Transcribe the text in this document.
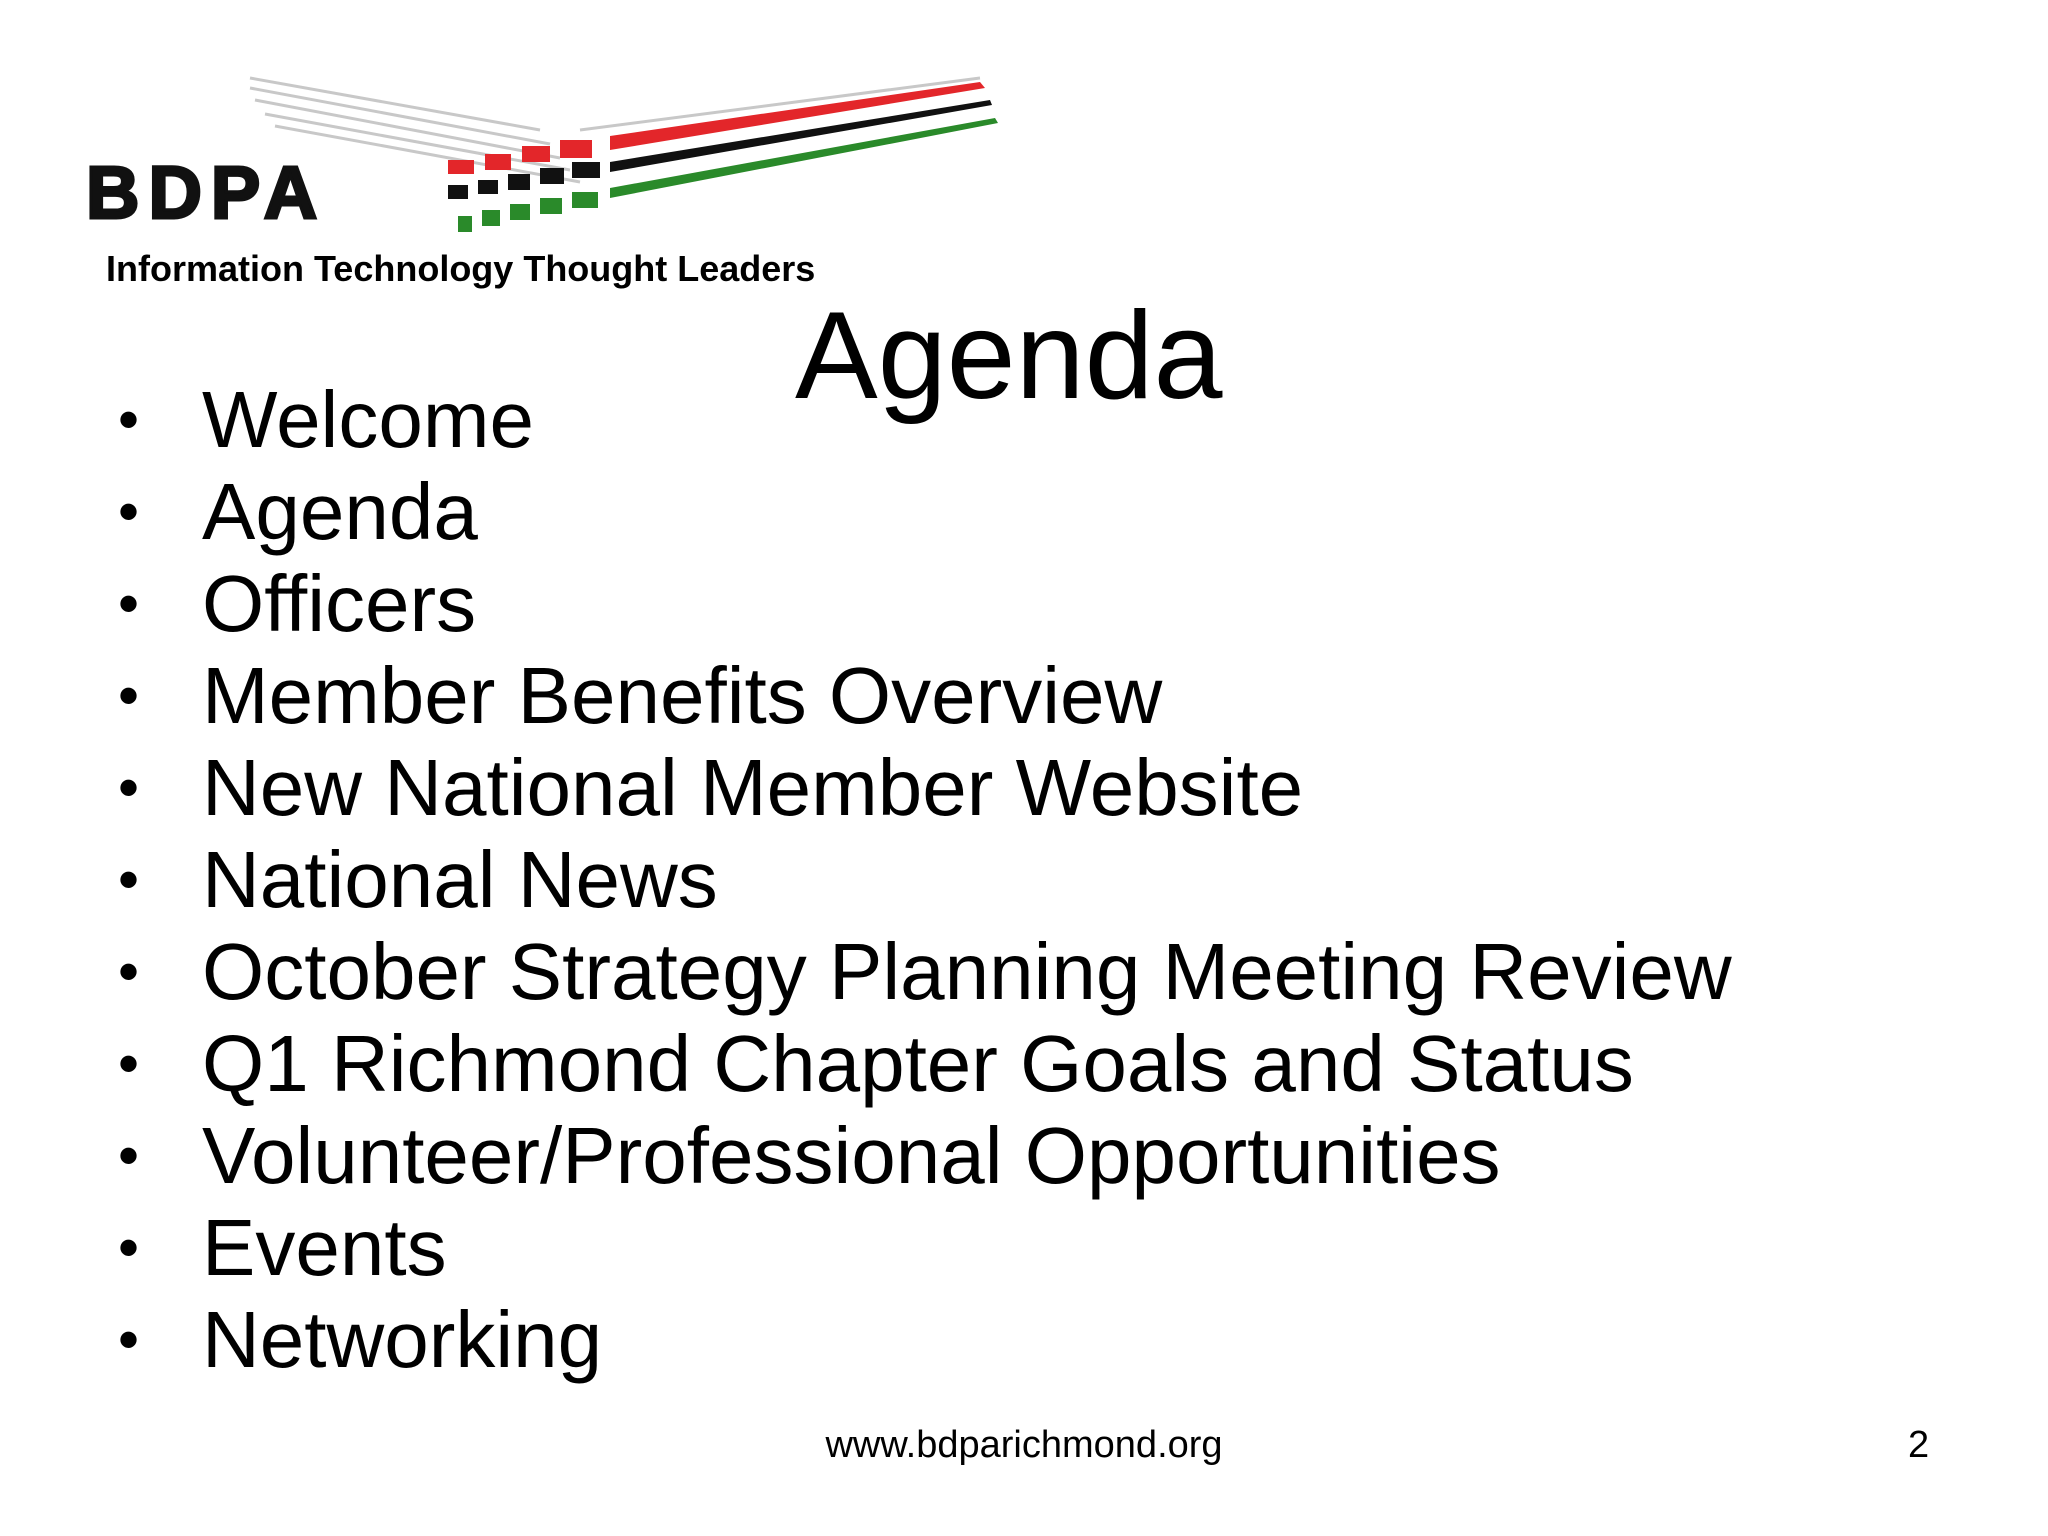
BDPA
Information Technology Thought Leaders
Agenda
• Welcome
• Agenda
• Officers
• Member Benefits Overview
• New National Member Website
• National News
• October Strategy Planning Meeting Review
• Q1 Richmond Chapter Goals and Status
• Volunteer/Professional Opportunities
• Events
• Networking
www.bdparichmond.org	2
